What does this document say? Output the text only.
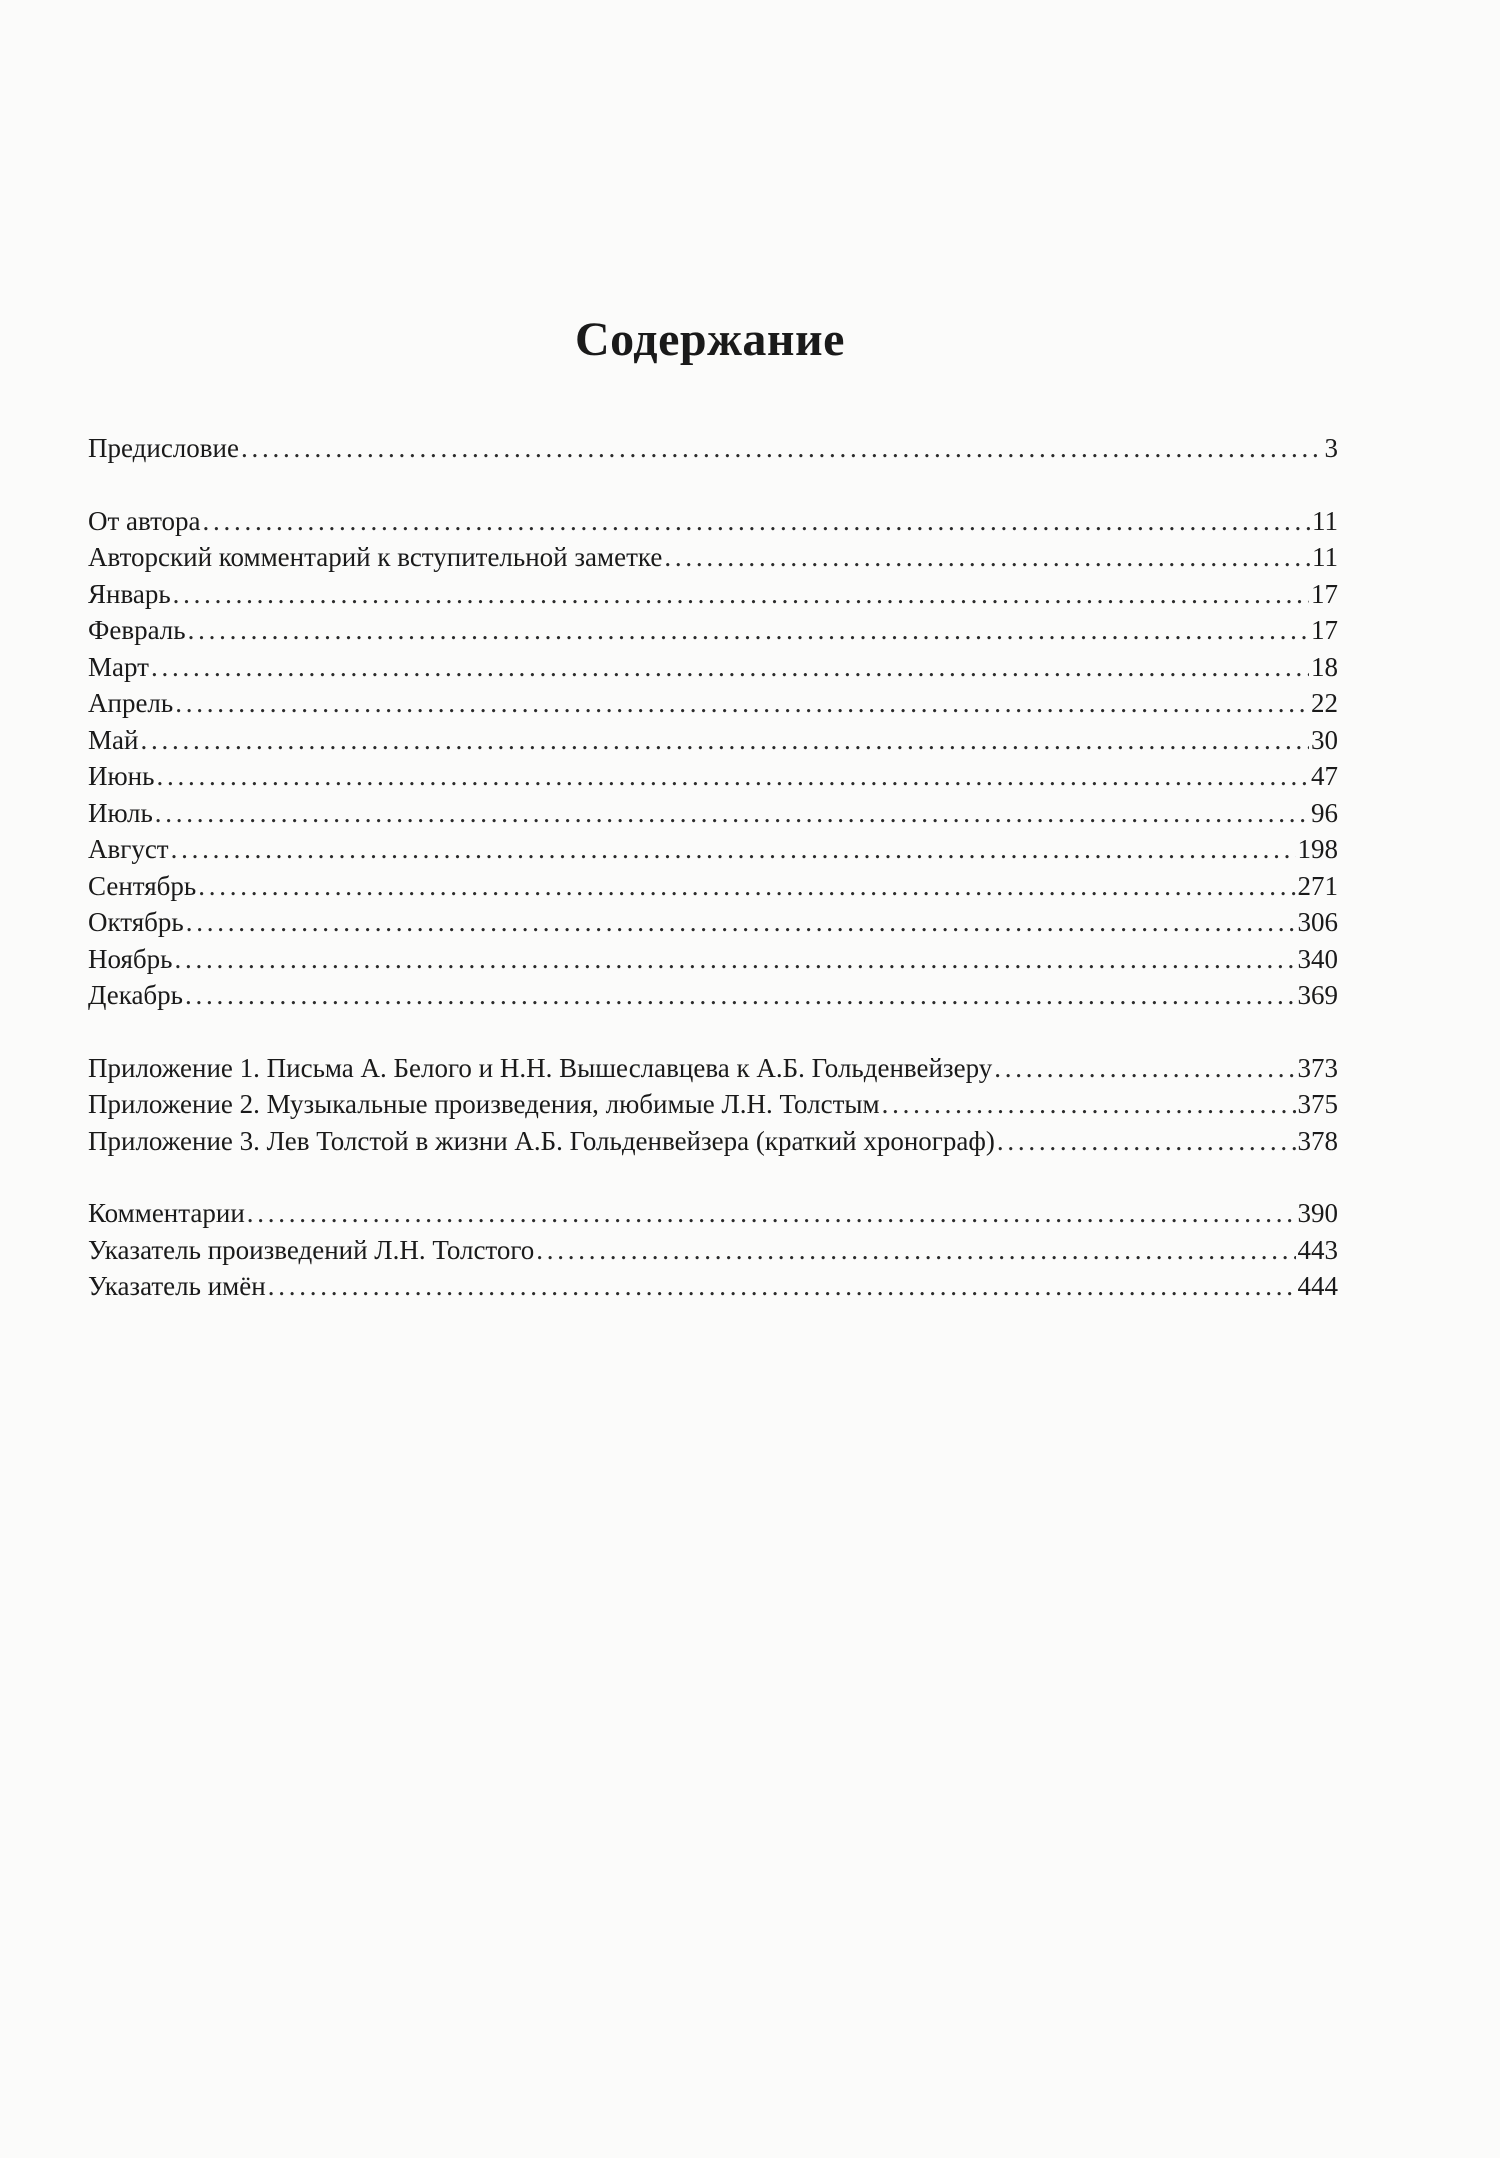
Содержание
Предисловие . . .	3
От автора . . .	11
Авторский комментарий к вступительной заметке . . .	11
Январь . . .	17
Февраль . . .	17
Март . . .	18
Апрель . . .	22
Май . . .	30
Июнь . . .	47
Июль . . .	96
Август . . .	198
Сентябрь . . .	271
Октябрь . . .	306
Ноябрь . . .	340
Декабрь . . .	369
Приложение 1. Письма А. Белого и Н.Н. Вышеславцева к А.Б. Гольденвейзеру . . .	373
Приложение 2. Музыкальные произведения, любимые Л.Н. Толстым . . .	375
Приложение 3. Лев Толстой в жизни А.Б. Гольденвейзера (краткий хронограф) . . .	378
Комментарии . . .	390
Указатель произведений Л.Н. Толстого . . .	443
Указатель имён . . .	444
